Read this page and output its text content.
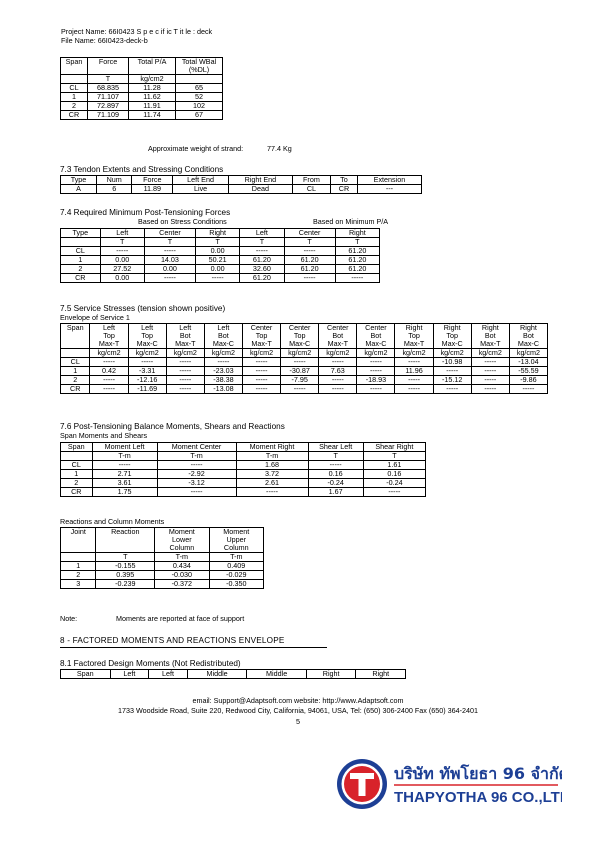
Project Name: 66I0423 S p e c if ic T it le : deck
File Name: 66I0423-deck-b
Span	Force	Total P/A	Total WBal
(%DL)
	T	kg/cm2	
CL	68.835	11.28	65
1	71.107	11.62	52
2	72.897	11.91	102
CR	71.109	11.74	67
Approximate weight of strand:	77.4 Kg
7.3 Tendon Extents and Stressing Conditions
Type	Num	Force	Left End	Right End	From	To	Extension
A	6	11.89	Live	Dead	CL	CR	---
7.4 Required Minimum Post-Tensioning Forces
Based on Stress Conditions	Based on Minimum P/A
Type	Left	Center	Right	Left	Center	Right
	T	T	T	T	T	T
CL	-----	-----	0.00	-----	-----	61.20
1	0.00	14.03	50.21	61.20	61.20	61.20
2	27.52	0.00	0.00	32.60	61.20	61.20
CR	0.00	-----	-----	61.20	-----	-----
7.5 Service Stresses (tension shown positive)
Envelope of Service 1
Span	Left
Top
Max-T	Left
Top
Max-C	Left
Bot
Max-T	Left
Bot
Max-C	Center
Top
Max-T	Center
Top
Max-C	Center
Bot
Max-T	Center
Bot
Max-C	Right
Top
Max-T	Right
Top
Max-C	Right
Bot
Max-T	Right
Bot
Max-C
	kg/cm2	kg/cm2	kg/cm2	kg/cm2	kg/cm2	kg/cm2	kg/cm2	kg/cm2	kg/cm2	kg/cm2	kg/cm2	kg/cm2
CL	-----	-----	-----	-----	-----	-----	-----	-----	-----	-10.98	-----	-13.04
1	0.42	-3.31	-----	-23.03	-----	-30.87	7.63	-----	11.96	-----	-----	-55.59
2	-----	-12.16	-----	-38.38	-----	-7.95	-----	-18.93	-----	-15.12	-----	-9.86
CR	-----	-11.69	-----	-13.08	-----	-----	-----	-----	-----	-----	-----	-----
7.6 Post-Tensioning Balance Moments, Shears and Reactions
Span Moments and Shears
Span	Moment Left	Moment Center	Moment Right	Shear Left	Shear Right
	T-m	T-m	T-m	T	T
CL	-----	-----	1.68	-----	1.61
1	2.71	-2.92	3.72	0.16	0.16
2	3.61	-3.12	2.61	-0.24	-0.24
CR	1.75	-----	-----	1.67	-----
Reactions and Column Moments
Joint	Reaction	Moment
Lower
Column	Moment
Upper
Column
	T	T-m	T-m
1	-0.155	0.434	0.409
2	0.395	-0.030	-0.029
3	-0.239	-0.372	-0.350
Note:	Moments are reported at face of support
8 - FACTORED MOMENTS AND REACTIONS ENVELOPE
8.1 Factored Design Moments (Not Redistributed)
Span	Left	Left	Middle	Middle	Right	Right
email: Support@Adaptsoft.com website: http://www.Adaptsoft.com
1733 Woodside Road, Suite 220, Redwood City, California, 94061, USA, Tel: (650) 306-2400 Fax (650) 364-2401
5
บริษัท ทัพโยธา 96 จำกัด
THAPYOTHA 96 CO.,LTD.
